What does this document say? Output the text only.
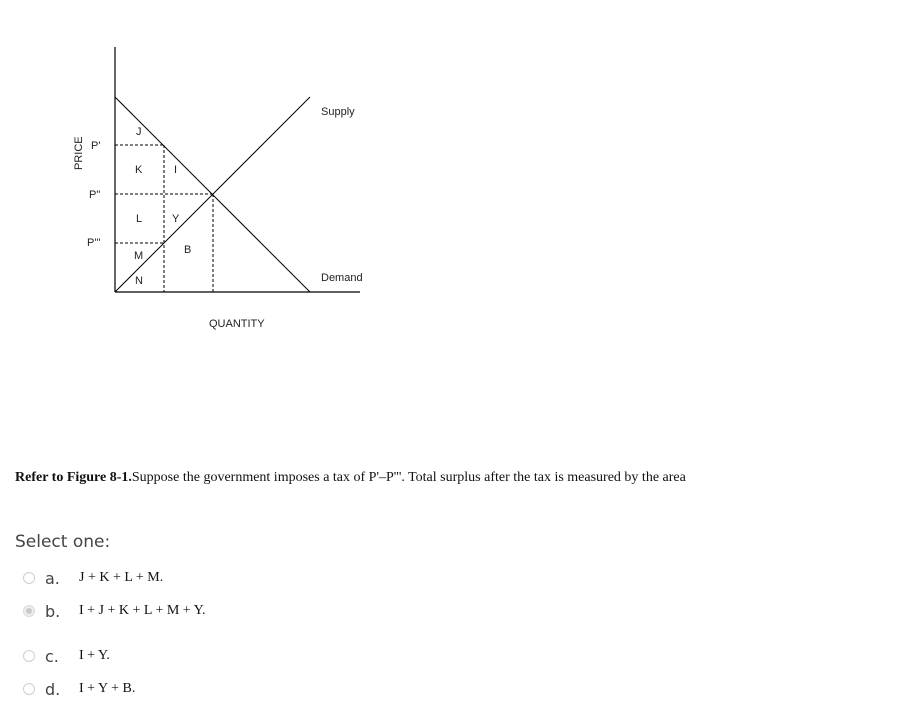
PRICE
QUANTITY
Supply
Demand
P'
P"
P'''
J
K	I
L	Y
B
M
N
Refer to Figure 8-1.Suppose the government imposes a tax of P'–P'''. Total surplus after the tax is measured by the area
Select one:
a.	J + K + L + M.
b.	I + J + K + L + M + Y.
c.	I + Y.
d.	I + Y + B.
